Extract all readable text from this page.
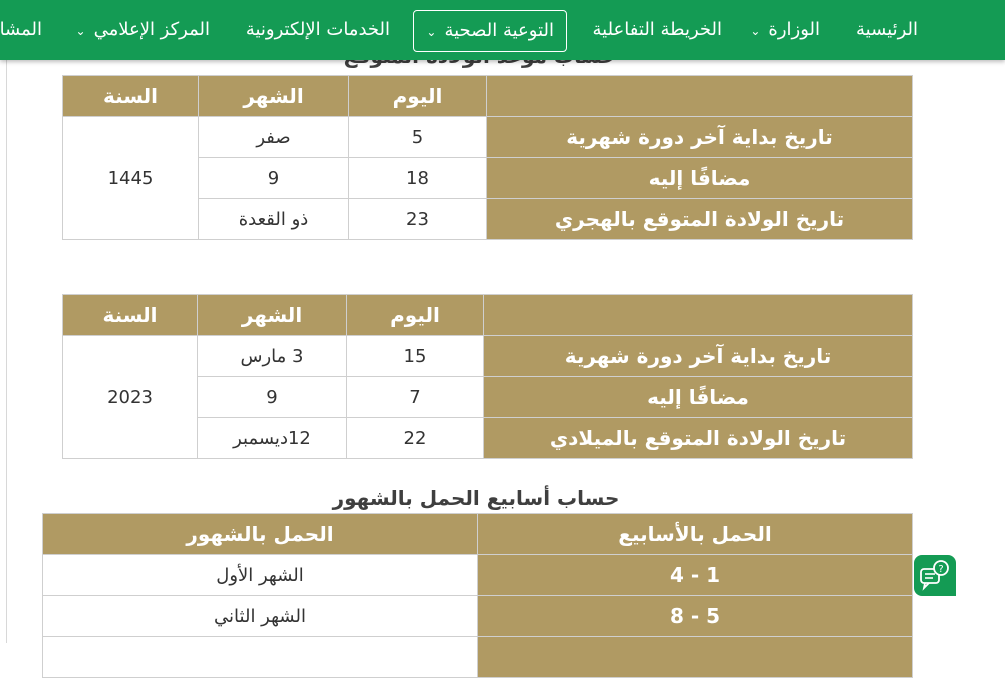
	اليوم	الشهر	السنة
تاريخ بداية آخر دورة شهرية	5	صفر	1445
مضافًا إليه	18	9	
تاريخ الولادة المتوقع بالهجري	23	ذو القعدة	
	اليوم	الشهر	السنة
تاريخ بداية آخر دورة شهرية	15	3 مارس	2023
مضافًا إليه	7	9	
تاريخ الولادة المتوقع بالميلادي	22	12ديسمبر	
حساب أسابيع الحمل بالشهور
الحمل بالأسابيع	الحمل بالشهور
1 - 4	الشهر الأول
5 - 8	الشهر الثاني

الرئيسية
الوزارة⌄
الخريطة التفاعلية
التوعية الصحية⌄
الخدمات الإلكترونية
المركز الإعلامي⌄
المشا
?
